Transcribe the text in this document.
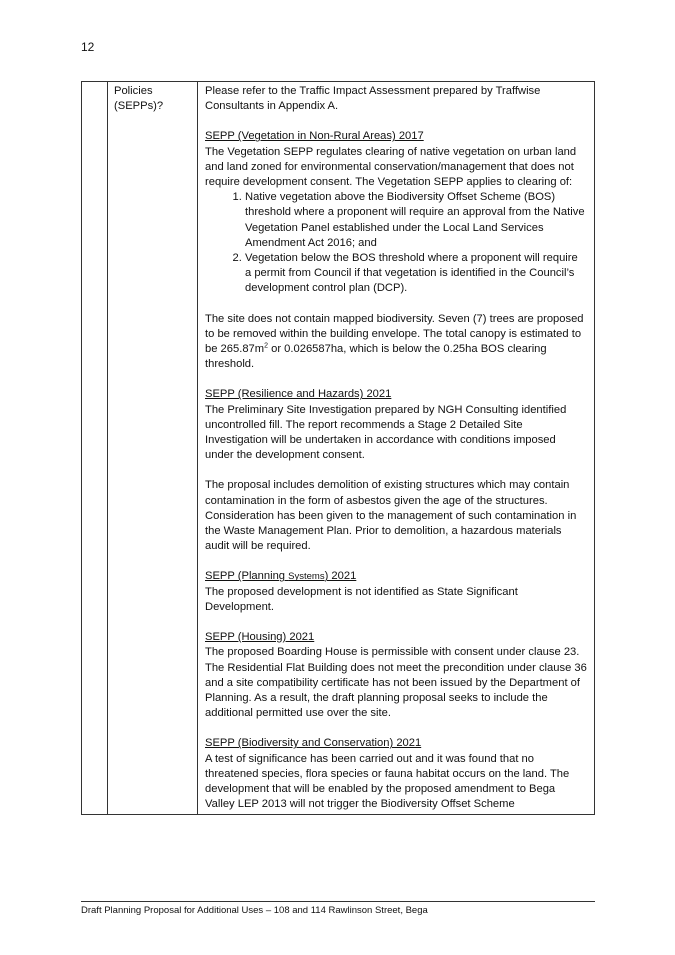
12

Policies
(SEPPs)?

Please refer to the Traffic Impact Assessment prepared by Traffwise Consultants in Appendix A.

SEPP (Vegetation in Non-Rural Areas) 2017
The Vegetation SEPP regulates clearing of native vegetation on urban land and land zoned for environmental conservation/management that does not require development consent. The Vegetation SEPP applies to clearing of:
1. Native vegetation above the Biodiversity Offset Scheme (BOS) threshold where a proponent will require an approval from the Native Vegetation Panel established under the Local Land Services Amendment Act 2016; and
2. Vegetation below the BOS threshold where a proponent will require a permit from Council if that vegetation is identified in the Council’s development control plan (DCP).

The site does not contain mapped biodiversity. Seven (7) trees are proposed to be removed within the building envelope. The total canopy is estimated to be $265.87m^2$ or 0.026587ha, which is below the 0.25ha BOS clearing threshold.

SEPP (Resilience and Hazards) 2021
The Preliminary Site Investigation prepared by NGH Consulting identified uncontrolled fill. The report recommends a Stage 2 Detailed Site Investigation will be undertaken in accordance with conditions imposed under the development consent.

The proposal includes demolition of existing structures which may contain contamination in the form of asbestos given the age of the structures. Consideration has been given to the management of such contamination in the Waste Management Plan. Prior to demolition, a hazardous materials audit will be required.

SEPP (Planning Systems) 2021
The proposed development is not identified as State Significant Development.
SEPP (Housing) 2021
The proposed Boarding House is permissible with consent under clause 23. The Residential Flat Building does not meet the precondition under clause 36 and a site compatibility certificate has not been issued by the Department of Planning. As a result, the draft planning proposal seeks to include the additional permitted use over the site.
SEPP (Biodiversity and Conservation) 2021
A test of significance has been carried out and it was found that no threatened species, flora species or fauna habitat occurs on the land. The development that will be enabled by the proposed amendment to Bega Valley LEP 2013 will not trigger the Biodiversity Offset Scheme
Draft Planning Proposal for Additional Uses – 108 and 114 Rawlinson Street, Bega
